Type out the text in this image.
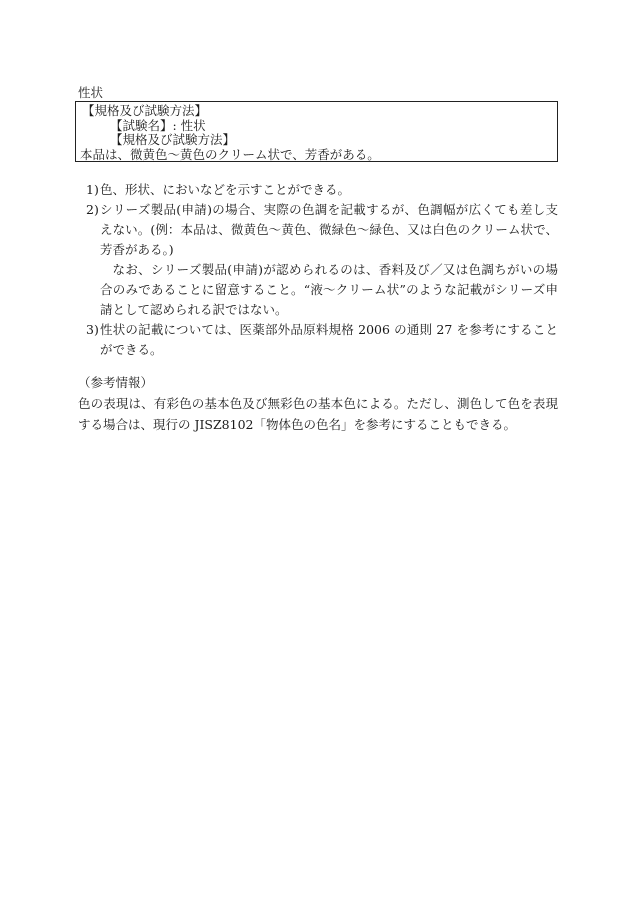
性状
【規格及び試験方法】
【試験名】: 性状
【規格及び試験方法】
本品は、微黄色～黄色のクリーム状で、芳香がある。
1) 色、形状、においなどを示すことができる。

2) シリーズ製品(申請)の場合、実際の色調を記載するが、色調幅が広くても差し支えない。(例：本品は、微黄色～黄色、微緑色～緑色、又は白色のクリーム状で、芳香がある。)

なお、シリーズ製品(申請)が認められるのは、香料及び／又は色調ちがいの場合のみであることに留意すること。“液～クリーム状”のような記載がシリーズ申請として認められる訳ではない。

3) 性状の記載については、医薬部外品原料規格 2006 の通則 27 を参考にすることができる。

（参考情報）

色の表現は、有彩色の基本色及び無彩色の基本色による。ただし、測色して色を表現する場合は、現行の JISZ8102「物体色の色名」を参考にすることもできる。
